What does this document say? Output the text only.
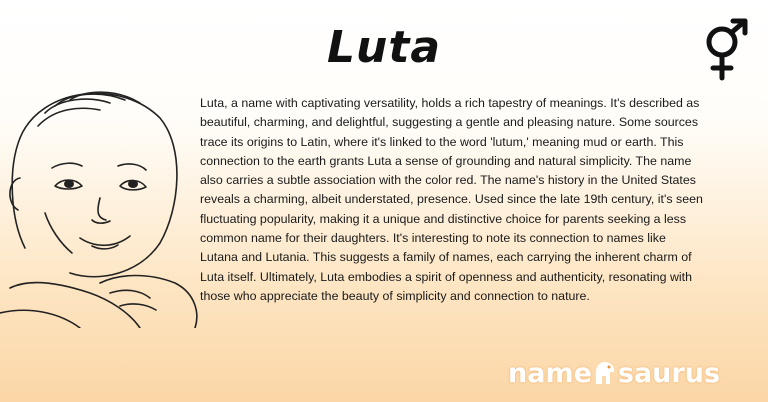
Luta

Luta, a name with captivating versatility, holds a rich tapestry of meanings. It's described as beautiful, charming, and delightful, suggesting a gentle and pleasing nature. Some sources trace its origins to Latin, where it's linked to the word 'lutum,' meaning mud or earth. This connection to the earth grants Luta a sense of grounding and natural simplicity. The name also carries a subtle association with the color red. The name's history in the United States reveals a charming, albeit understated, presence. Used since the late 19th century, it's seen fluctuating popularity, making it a unique and distinctive choice for parents seeking a less common name for their daughters. It's interesting to note its connection to names like Lutana and Lutania. This suggests a family of names, each carrying the inherent charm of Luta itself. Ultimately, Luta embodies a spirit of openness and authenticity, resonating with those who appreciate the beauty of simplicity and connection to nature.

name saurus
